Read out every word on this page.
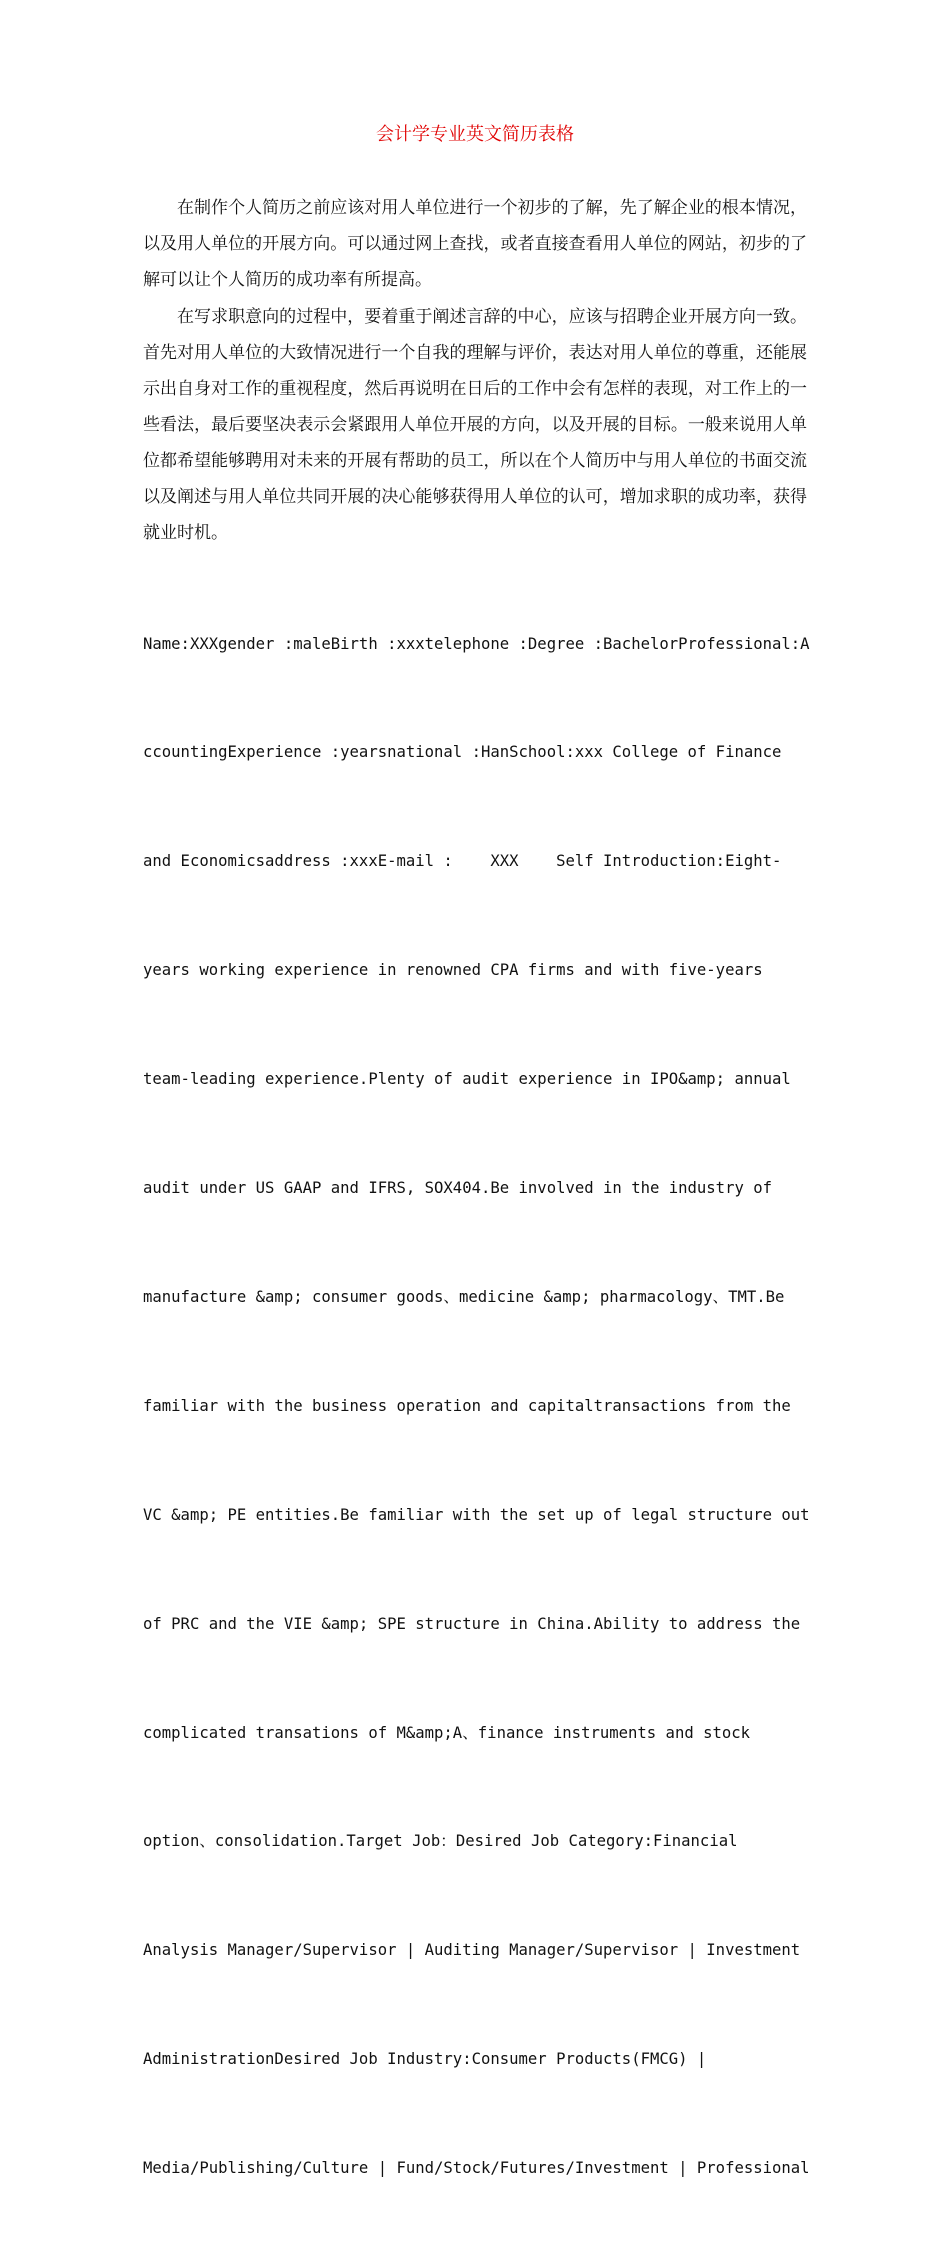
会计学专业英文简历表格

在制作个人简历之前应该对用人单位进行一个初步的了解，先了解企业的根本情况，以及用人单位的开展方向。可以通过网上查找，或者直接查看用人单位的网站，初步的了解可以让个人简历的成功率有所提高。

在写求职意向的过程中，要着重于阐述言辞的中心，应该与招聘企业开展方向一致。首先对用人单位的大致情况进行一个自我的理解与评价，表达对用人单位的尊重，还能展示出自身对工作的重视程度，然后再说明在日后的工作中会有怎样的表现，对工作上的一些看法，最后要坚决表示会紧跟用人单位开展的方向，以及开展的目标。一般来说用人单位都希望能够聘用对未来的开展有帮助的员工，所以在个人简历中与用人单位的书面交流以及阐述与用人单位共同开展的决心能够获得用人单位的认可，增加求职的成功率，获得就业时机。

Name:XXXgender :maleBirth :xxxtelephone :Degree :BachelorProfessional:A

ccountingExperience :yearsnational :HanSchool:xxx College of Finance

and Economicsaddress :xxxE-mail :    XXX    Self Introduction:Eight-

years working experience in renowned CPA firms and with five-years

team-leading experience.Plenty of audit experience in IPO&amp; annual

audit under US GAAP and IFRS, SOX404.Be involved in the industry of

manufacture &amp; consumer goods、medicine &amp; pharmacology、TMT.Be

familiar with the business operation and capitaltransactions from the

VC &amp; PE entities.Be familiar with the set up of legal structure out

of PRC and the VIE &amp; SPE structure in China.Ability to address the

complicated transations of M&amp;A、finance instruments and stock

option、consolidation.Target Job：Desired Job Category:Financial

Analysis Manager/Supervisor | Auditing Manager/Supervisor | Investment

AdministrationDesired Job Industry:Consumer Products(FMCG) |

Media/Publishing/Culture | Fund/Stock/Futures/Investment | Professional
